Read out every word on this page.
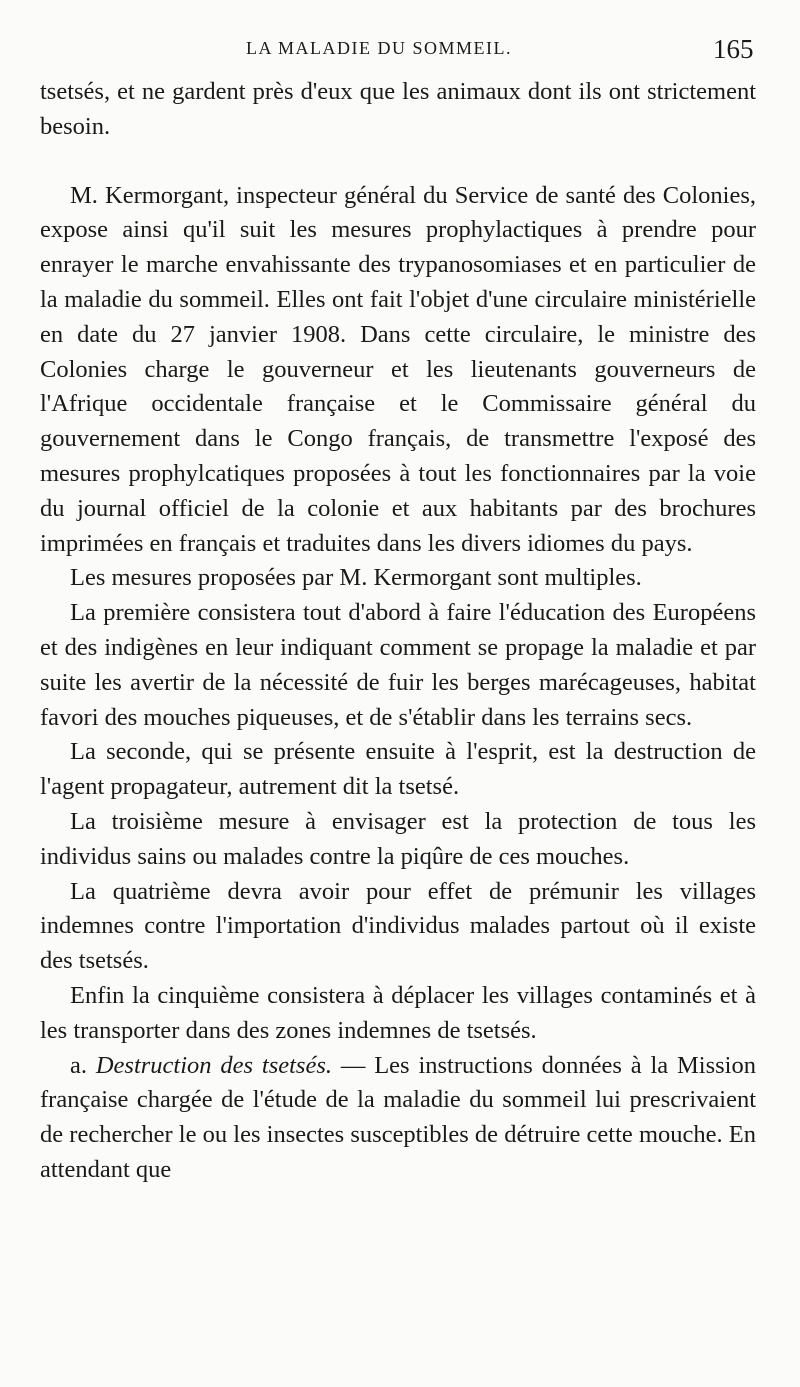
LA MALADIE DU SOMMEIL.	165

tsetsés, et ne gardent près d'eux que les animaux dont ils ont strictement besoin.

M. Kermorgant, inspecteur général du Service de santé des Colonies, expose ainsi qu'il suit les mesures prophylactiques à prendre pour enrayer le marche envahissante des trypanosomiases et en particulier de la maladie du sommeil. Elles ont fait l'objet d'une circulaire ministérielle en date du 27 janvier 1908. Dans cette circulaire, le ministre des Colonies charge le gouverneur et les lieutenants gouverneurs de l'Afrique occidentale française et le Commissaire général du gouvernement dans le Congo français, de transmettre l'exposé des mesures prophylcatiques proposées à tout les fonctionnaires par la voie du journal officiel de la colonie et aux habitants par des brochures imprimées en français et traduites dans les divers idiomes du pays.

Les mesures proposées par M. Kermorgant sont multiples.

La première consistera tout d'abord à faire l'éducation des Européens et des indigènes en leur indiquant comment se propage la maladie et par suite les avertir de la nécessité de fuir les berges marécageuses, habitat favori des mouches piqueuses, et de s'établir dans les terrains secs.

La seconde, qui se présente ensuite à l'esprit, est la destruction de l'agent propagateur, autrement dit la tsetsé.

La troisième mesure à envisager est la protection de tous les individus sains ou malades contre la piqûre de ces mouches.

La quatrième devra avoir pour effet de prémunir les villages indemnes contre l'importation d'individus malades partout où il existe des tsetsés.

Enfin la cinquième consistera à déplacer les villages contaminés et à les transporter dans des zones indemnes de tsetsés.

a. Destruction des tsetsés. — Les instructions données à la Mission française chargée de l'étude de la maladie du sommeil lui prescrivaient de rechercher le ou les insectes susceptibles de détruire cette mouche. En attendant que
